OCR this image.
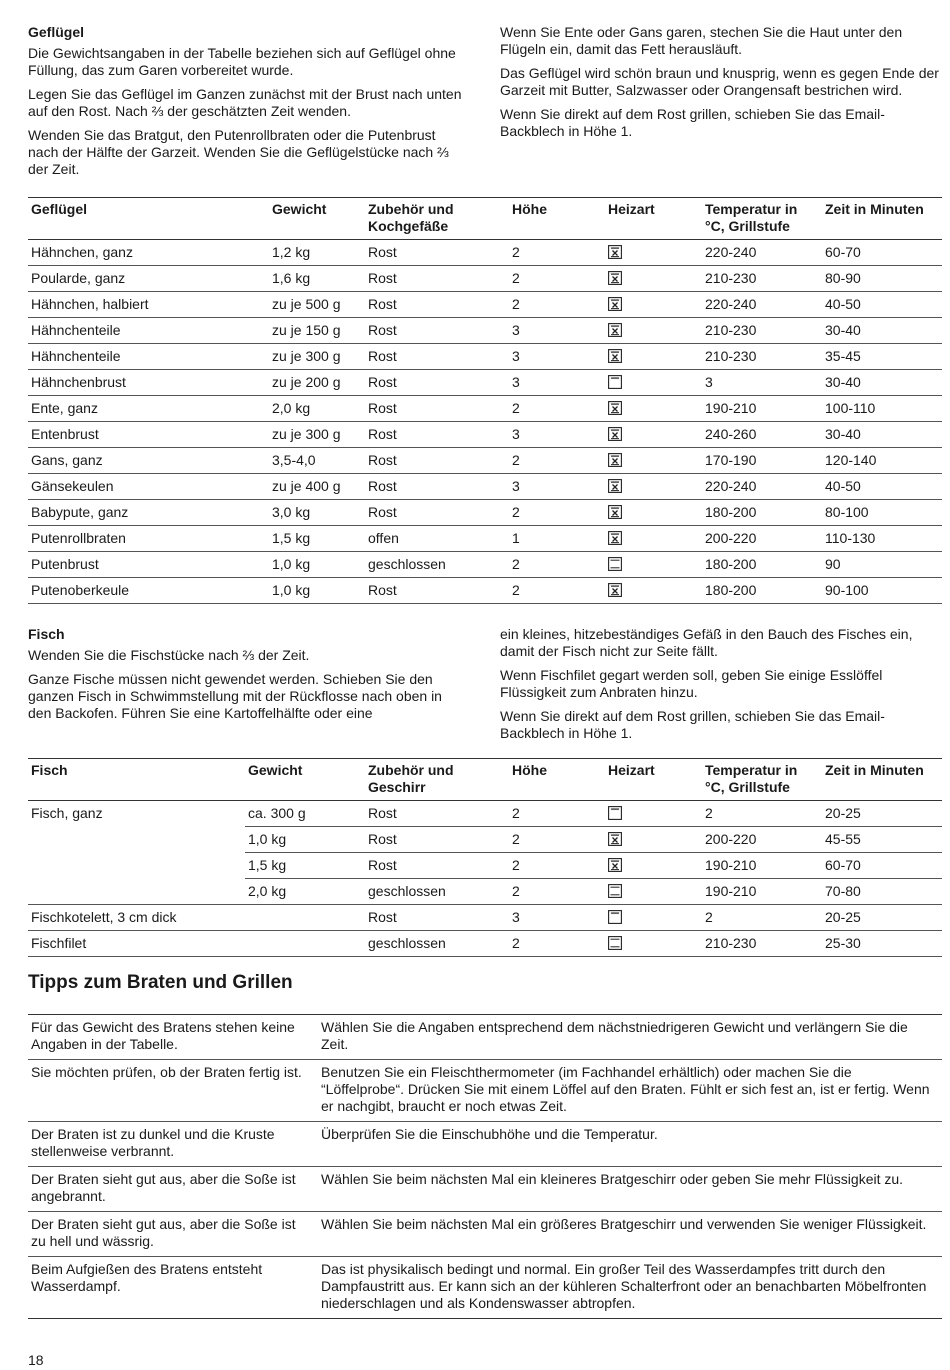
Geflügel

Die Gewichtsangaben in der Tabelle beziehen sich auf Geflügel ohne Füllung, das zum Garen vorbereitet wurde.

Legen Sie das Geflügel im Ganzen zunächst mit der Brust nach unten auf den Rost. Nach ⅔ der geschätzten Zeit wenden.

Wenden Sie das Bratgut, den Putenrollbraten oder die Putenbrust nach der Hälfte der Garzeit. Wenden Sie die Geflügelstücke nach ⅔ der Zeit.

Wenn Sie Ente oder Gans garen, stechen Sie die Haut unter den Flügeln ein, damit das Fett herausläuft.

Das Geflügel wird schön braun und knusprig, wenn es gegen Ende der Garzeit mit Butter, Salzwasser oder Orangensaft bestrichen wird.

Wenn Sie direkt auf dem Rost grillen, schieben Sie das Email-Backblech in Höhe 1.

Geflügel	Gewicht	Zubehör und Kochgefäße	Höhe	Heizart	Temperatur in °C, Grillstufe	Zeit in Minuten
Hähnchen, ganz	1,2 kg	Rost	2		220-240	60-70
Poularde, ganz	1,6 kg	Rost	2		210-230	80-90
Hähnchen, halbiert	zu je 500 g	Rost	2		220-240	40-50
Hähnchenteile	zu je 150 g	Rost	3		210-230	30-40
Hähnchenteile	zu je 300 g	Rost	3		210-230	35-45
Hähnchenbrust	zu je 200 g	Rost	3		3	30-40
Ente, ganz	2,0 kg	Rost	2		190-210	100-110
Entenbrust	zu je 300 g	Rost	3		240-260	30-40
Gans, ganz	3,5-4,0	Rost	2		170-190	120-140
Gänsekeulen	zu je 400 g	Rost	3		220-240	40-50
Babypute, ganz	3,0 kg	Rost	2		180-200	80-100
Putenrollbraten	1,5 kg	offen	1		200-220	110-130
Putenbrust	1,0 kg	geschlossen	2		180-200	90
Putenoberkeule	1,0 kg	Rost	2		180-200	90-100

Fisch

Wenden Sie die Fischstücke nach ⅔ der Zeit.

Ganze Fische müssen nicht gewendet werden. Schieben Sie den ganzen Fisch in Schwimmstellung mit der Rückflosse nach oben in den Backofen. Führen Sie eine Kartoffelhälfte oder eine

ein kleines, hitzebeständiges Gefäß in den Bauch des Fisches ein, damit der Fisch nicht zur Seite fällt.

Wenn Fischfilet gegart werden soll, geben Sie einige Esslöffel Flüssigkeit zum Anbraten hinzu.

Wenn Sie direkt auf dem Rost grillen, schieben Sie das Email-Backblech in Höhe 1.

Fisch	Gewicht	Zubehör und Geschirr	Höhe	Heizart	Temperatur in °C, Grillstufe	Zeit in Minuten
Fisch, ganz	ca. 300 g	Rost	2		2	20-25
	1,0 kg	Rost	2		200-220	45-55
	1,5 kg	Rost	2		190-210	60-70
	2,0 kg	geschlossen	2		190-210	70-80
Fischkotelett, 3 cm dick		Rost	3		2	20-25
Fischfilet		geschlossen	2		210-230	25-30
Tipps zum Braten und Grillen
Für das Gewicht des Bratens stehen keine Angaben in der Tabelle.	Wählen Sie die Angaben entsprechend dem nächstniedrigeren Gewicht und verlängern Sie die Zeit.
Sie möchten prüfen, ob der Braten fertig ist.	Benutzen Sie ein Fleischthermometer (im Fachhandel erhältlich) oder machen Sie die “Löffelprobe“. Drücken Sie mit einem Löffel auf den Braten. Fühlt er sich fest an, ist er fertig. Wenn er nachgibt, braucht er noch etwas Zeit.
Der Braten ist zu dunkel und die Kruste stellenweise verbrannt.	Überprüfen Sie die Einschubhöhe und die Temperatur.
Der Braten sieht gut aus, aber die Soße ist angebrannt.	Wählen Sie beim nächsten Mal ein kleineres Bratgeschirr oder geben Sie mehr Flüssigkeit zu.
Der Braten sieht gut aus, aber die Soße ist zu hell und wässrig.	Wählen Sie beim nächsten Mal ein größeres Bratgeschirr und verwenden Sie weniger Flüssigkeit.
Beim Aufgießen des Bratens entsteht Wasserdampf.	Das ist physikalisch bedingt und normal. Ein großer Teil des Wasserdampfes tritt durch den Dampfaustritt aus. Er kann sich an der kühleren Schalterfront oder an benachbarten Möbelfronten niederschlagen und als Kondenswasser abtropfen.
18
